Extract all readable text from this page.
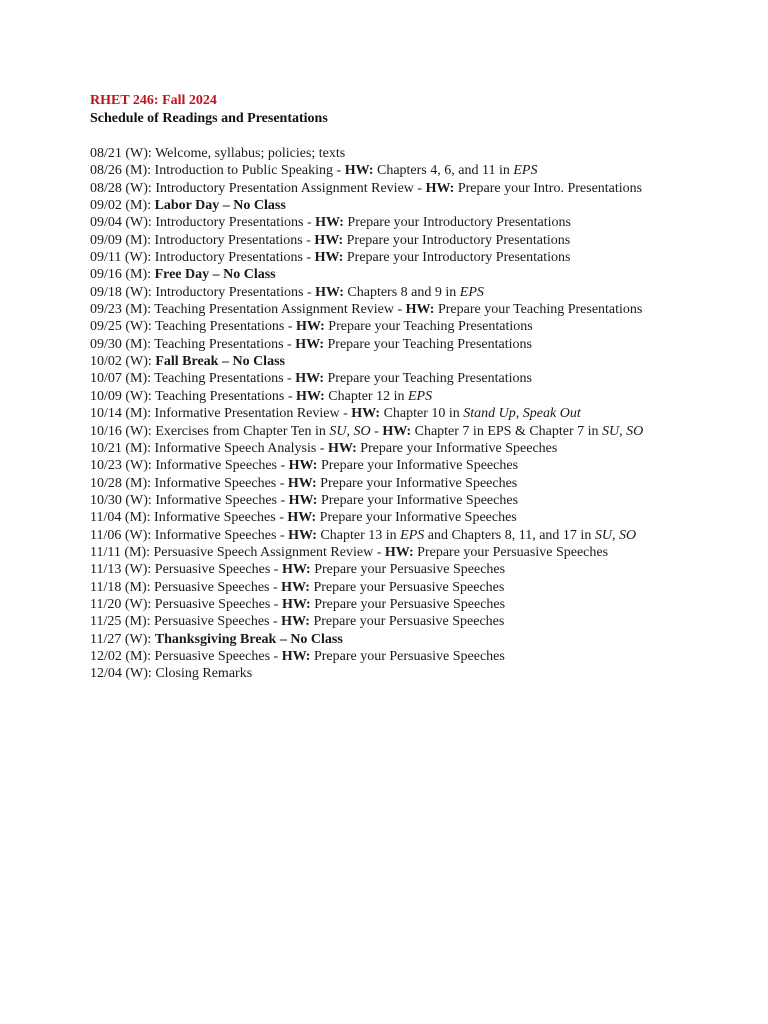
RHET 246: Fall 2024

Schedule of Readings and Presentations

08/21 (W): Welcome, syllabus; policies; texts
08/26 (M): Introduction to Public Speaking - HW: Chapters 4, 6, and 11 in EPS
08/28 (W): Introductory Presentation Assignment Review - HW: Prepare your Intro. Presentations
09/02 (M): Labor Day – No Class
09/04 (W): Introductory Presentations - HW: Prepare your Introductory Presentations
09/09 (M): Introductory Presentations - HW: Prepare your Introductory Presentations
09/11 (W): Introductory Presentations - HW: Prepare your Introductory Presentations
09/16 (M): Free Day – No Class
09/18 (W): Introductory Presentations - HW: Chapters 8 and 9 in EPS
09/23 (M): Teaching Presentation Assignment Review - HW: Prepare your Teaching Presentations
09/25 (W): Teaching Presentations - HW: Prepare your Teaching Presentations
09/30 (M): Teaching Presentations - HW: Prepare your Teaching Presentations
10/02 (W): Fall Break – No Class
10/07 (M): Teaching Presentations - HW: Prepare your Teaching Presentations
10/09 (W): Teaching Presentations - HW: Chapter 12 in EPS
10/14 (M): Informative Presentation Review - HW: Chapter 10 in Stand Up, Speak Out
10/16 (W): Exercises from Chapter Ten in SU, SO - HW: Chapter 7 in EPS & Chapter 7 in SU, SO
10/21 (M): Informative Speech Analysis - HW: Prepare your Informative Speeches
10/23 (W): Informative Speeches - HW: Prepare your Informative Speeches
10/28 (M): Informative Speeches - HW: Prepare your Informative Speeches
10/30 (W): Informative Speeches - HW: Prepare your Informative Speeches
11/04 (M): Informative Speeches - HW: Prepare your Informative Speeches
11/06 (W): Informative Speeches - HW: Chapter 13 in EPS and Chapters 8, 11, and 17 in SU, SO
11/11 (M): Persuasive Speech Assignment Review - HW: Prepare your Persuasive Speeches
11/13 (W): Persuasive Speeches - HW: Prepare your Persuasive Speeches
11/18 (M): Persuasive Speeches - HW: Prepare your Persuasive Speeches
11/20 (W): Persuasive Speeches - HW: Prepare your Persuasive Speeches
11/25 (M): Persuasive Speeches - HW: Prepare your Persuasive Speeches
11/27 (W): Thanksgiving Break – No Class
12/02 (M): Persuasive Speeches - HW: Prepare your Persuasive Speeches
12/04 (W): Closing Remarks
